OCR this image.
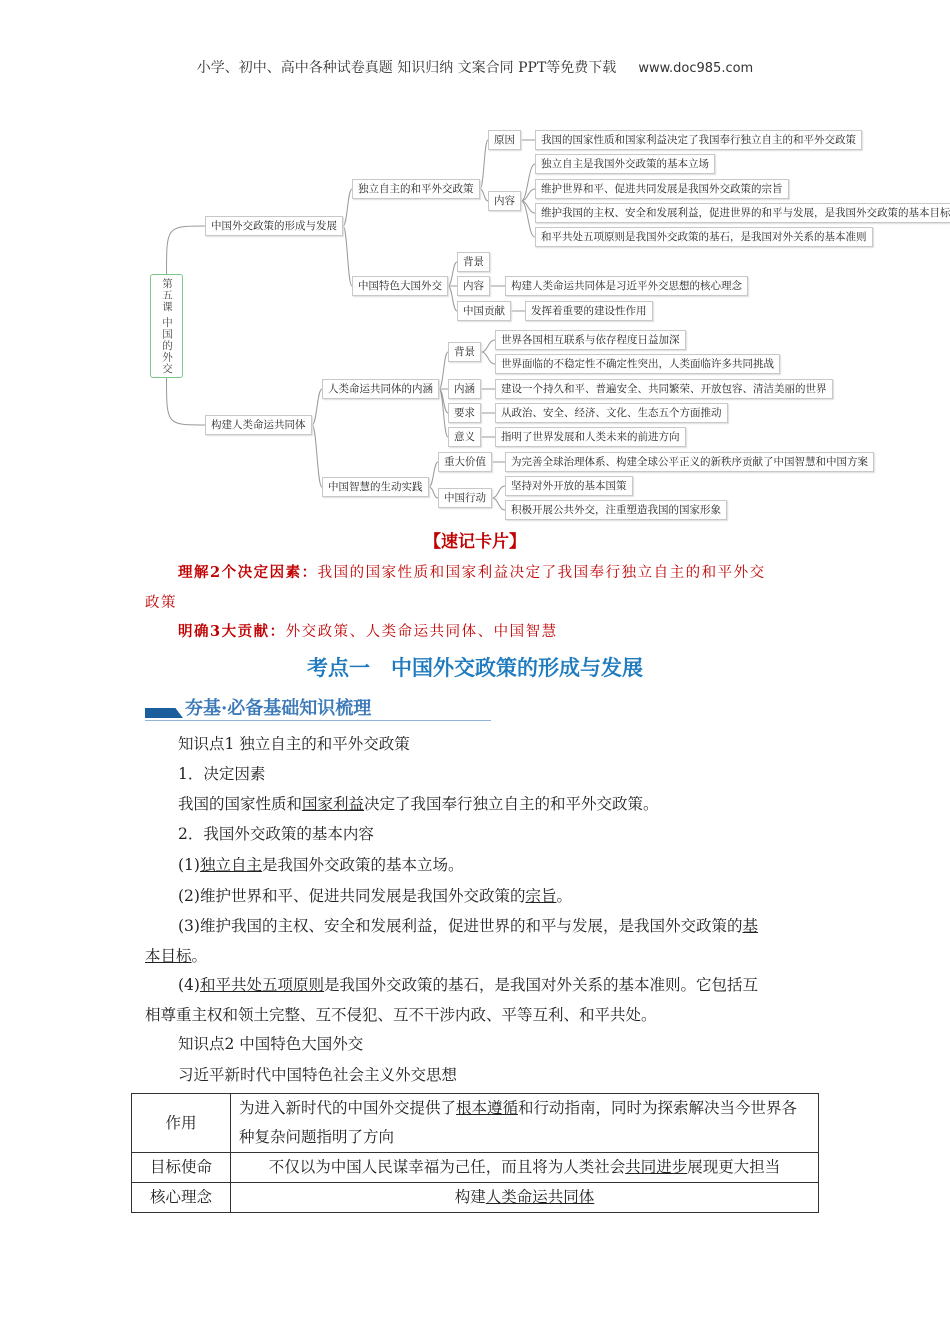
小学、初中、高中各种试卷真题 知识归纳 文案合同 PPT等免费下载 www.doc985.com
第五课 中国的外交
中国外交政策的形成与发展
独立自主的和平外交政策
原因	我国的国家性质和国家利益决定了我国奉行独立自主的和平外交政策
内容
独立自主是我国外交政策的基本立场
维护世界和平、促进共同发展是我国外交政策的宗旨
维护我国的主权、安全和发展利益，促进世界的和平与发展，是我国外交政策的基本目标
和平共处五项原则是我国外交政策的基石，是我国对外关系的基本准则
中国特色大国外交
背景
内容	构建人类命运共同体是习近平外交思想的核心理念
中国贡献	发挥着重要的建设性作用
构建人类命运共同体
人类命运共同体的内涵
背景
世界各国相互联系与依存程度日益加深
世界面临的不稳定性不确定性突出，人类面临许多共同挑战
内涵	建设一个持久和平、普遍安全、共同繁荣、开放包容、清洁美丽的世界
要求	从政治、安全、经济、文化、生态五个方面推动
意义	指明了世界发展和人类未来的前进方向
中国智慧的生动实践
重大价值	为完善全球治理体系、构建全球公平正义的新秩序贡献了中国智慧和中国方案
中国行动
坚持对外开放的基本国策
积极开展公共外交，注重塑造我国的国家形象
【速记卡片】
理解2个决定因素：我国的国家性质和国家利益决定了我国奉行独立自主的和平外交
政策
明确3大贡献：外交政策、人类命运共同体、中国智慧
考点一　中国外交政策的形成与发展
夯基·必备基础知识梳理
知识点1 独立自主的和平外交政策
1．决定因素
我国的国家性质和国家利益决定了我国奉行独立自主的和平外交政策。
2．我国外交政策的基本内容
(1)独立自主是我国外交政策的基本立场。
(2)维护世界和平、促进共同发展是我国外交政策的宗旨。
(3)维护我国的主权、安全和发展利益，促进世界的和平与发展，是我国外交政策的基
本目标。
(4)和平共处五项原则是我国外交政策的基石，是我国对外关系的基本准则。它包括互
相尊重主权和领土完整、互不侵犯、互不干涉内政、平等互利、和平共处。
知识点2 中国特色大国外交
习近平新时代中国特色社会主义外交思想
作用	为进入新时代的中国外交提供了根本遵循和行动指南，同时为探索解决当今世界各种复杂问题指明了方向
目标使命	不仅以为中国人民谋幸福为己任，而且将为人类社会共同进步展现更大担当
核心理念	构建人类命运共同体
